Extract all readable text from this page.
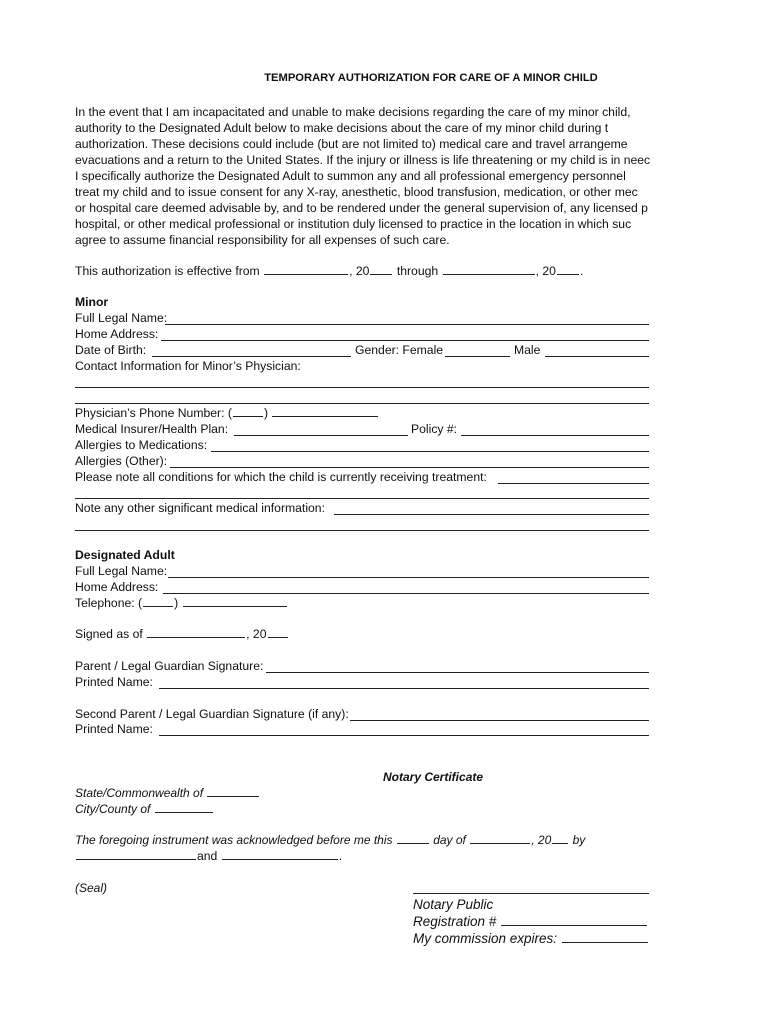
TEMPORARY AUTHORIZATION FOR CARE OF A MINOR CHILD
In the event that I am incapacitated and unable to make decisions regarding the care of my minor child,
authority to the Designated Adult below to make decisions about the care of my minor child during t
authorization. These decisions could include (but are not limited to) medical care and travel arrangeme
evacuations and a return to the United States. If the injury or illness is life threatening or my child is in neec
I specifically authorize the Designated Adult to summon any and all professional emergency personnel
treat my child and to issue consent for any X-ray, anesthetic, blood transfusion, medication, or other mec
or hospital care deemed advisable by, and to be rendered under the general supervision of, any licensed p
hospital, or other medical professional or institution duly licensed to practice in the location in which suc
agree to assume financial responsibility for all expenses of such care.
This authorization is effective from	, 20 through	, 20 .
Minor
Full Legal Name:
Home Address:
Date of Birth:	Gender: Female	Male
Contact Information for Minor’s Physician:
Physician’s Phone Number: (	)
Medical Insurer/Health Plan:	Policy #:
Allergies to Medications:
Allergies (Other):
Please note all conditions for which the child is currently receiving treatment:
Note any other significant medical information:
Designated Adult
Full Legal Name:
Home Address:
Telephone: (	)
Signed as of	, 20
Parent / Legal Guardian Signature:
Printed Name:
Second Parent / Legal Guardian Signature (if any):
Printed Name:
Notary Certificate
State/Commonwealth of
City/County of
The foregoing instrument was acknowledged before me this	day of	, 20 by
and	.
(Seal)
Notary Public
Registration #
My commission expires:
